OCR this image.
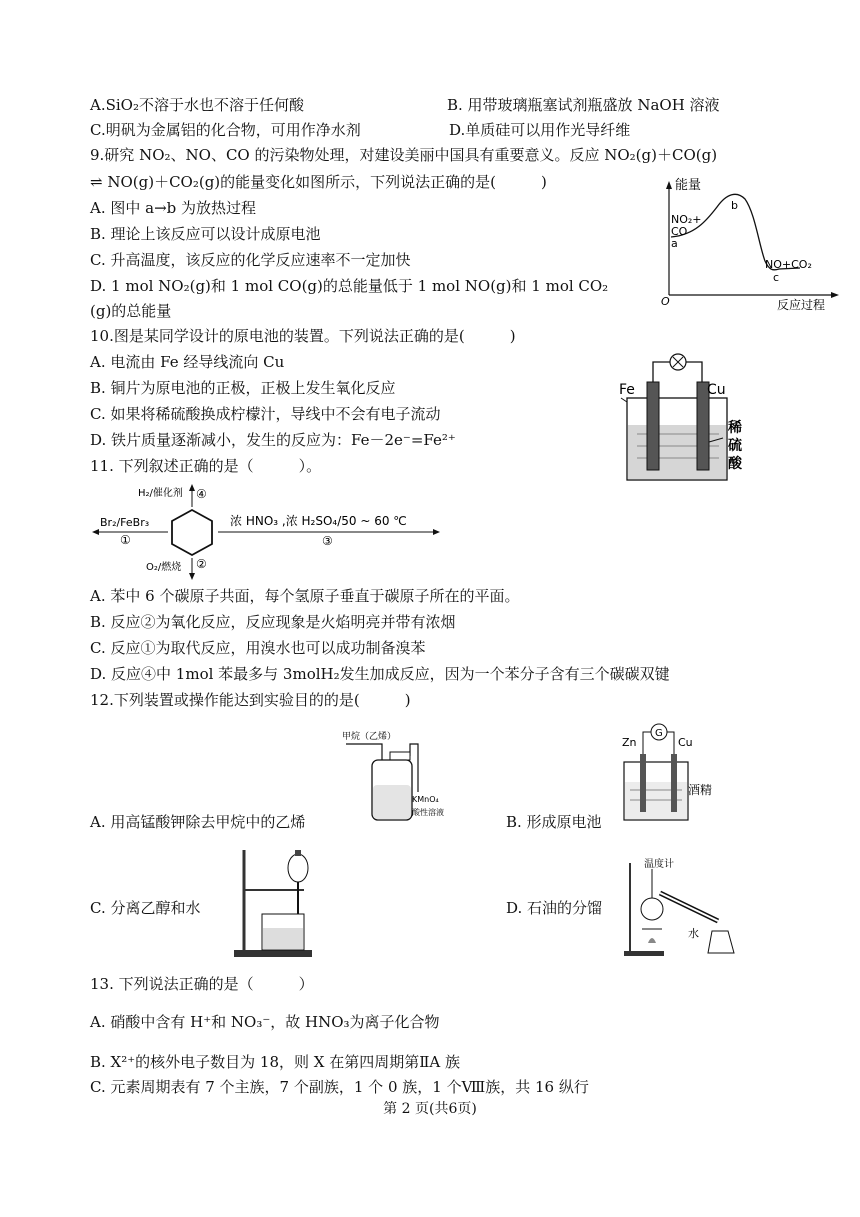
A.SiO₂不溶于水也不溶于任何酸	B. 用带玻璃瓶塞试剂瓶盛放 NaOH 溶液
C.明矾为金属铝的化合物，可用作净水剂	D.单质硅可以用作光导纤维
9.研究 NO₂、NO、CO 的污染物处理，对建设美丽中国具有重要意义。反应 NO₂(g)＋CO(g)
⇌ NO(g)＋CO₂(g)的能量变化如图所示，下列说法正确的是(　　　)
A. 图中 a→b 为放热过程
B. 理论上该反应可以设计成原电池
C. 升高温度，该反应的化学反应速率不一定加快
D. 1 mol NO₂(g)和 1 mol CO(g)的总能量低于 1 mol NO(g)和 1 mol CO₂
(g)的总能量
能量
NO₂+
CO
a
b
NO+CO₂
c
O	反应过程
10.图是某同学设计的原电池的装置。下列说法正确的是(　　　)
A. 电流由 Fe 经导线流向 Cu
B. 铜片为原电池的正极，正极上发生氧化反应
C. 如果将稀硫酸换成柠檬汁，导线中不会有电子流动
D. 铁片质量逐渐减小，发生的反应为：Fe－2e⁻=Fe²⁺
Fe	Cu
稀
硫
酸
11. 下列叙述正确的是（　　　）。
H₂/催化剂 ④
Br₂/FeBr₃
①
浓 HNO₃ ,浓 H₂SO₄/50 ~ 60 ℃
③
O₂/燃烧 ②
A. 苯中 6 个碳原子共面，每个氢原子垂直于碳原子所在的平面。
B. 反应②为氧化反应，反应现象是火焰明亮并带有浓烟
C. 反应①为取代反应，用溴水也可以成功制备溴苯
D. 反应④中 1mol 苯最多与 3molH₂发生加成反应，因为一个苯分子含有三个碳碳双键
12.下列装置或操作能达到实验目的的是(　　　)
甲烷（乙烯）
KMnO₄
酸性溶液
A. 用高锰酸钾除去甲烷中的乙烯
G
Zn	Cu
酒精
B. 形成原电池
C. 分离乙醇和水
温度计
水
D. 石油的分馏
13. 下列说法正确的是（　　　）
A. 硝酸中含有 H⁺和 NO₃⁻，故 HNO₃为离子化合物
B. X²⁺的核外电子数目为 18，则 X 在第四周期第ⅡA 族
C. 元素周期表有 7 个主族，7 个副族，1 个 0 族，1 个Ⅷ族，共 16 纵行
第 2 页(共6页)
